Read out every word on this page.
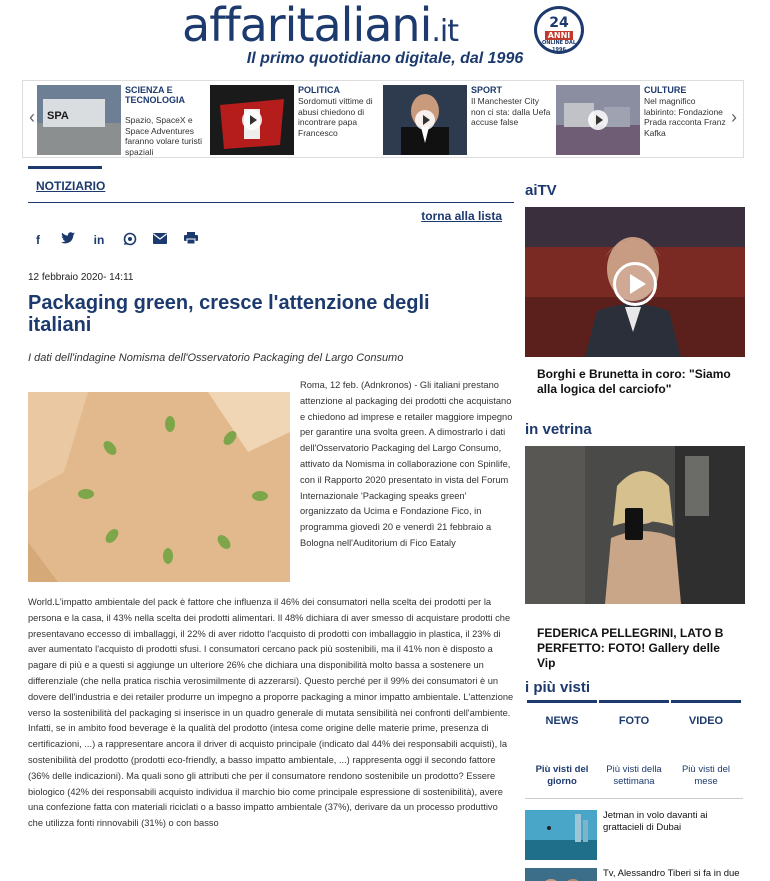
affaritaliani.it	24
ANNI
ONLINE DAL 1996
Il primo quotidiano digitale, dal 1996
‹	›
SPA
SCIENZA E TECNOLOGIA
Spazio, SpaceX e Space Adventures faranno volare turisti spaziali
POLITICA
Sordomuti vittime di abusi chiedono di incontrare papa Francesco
SPORT
Il Manchester City non ci sta: dalla Uefa accuse false
CULTURE
Nel magnifico labirinto: Fondazione Prada racconta Franz Kafka
NOTIZIARIO
torna alla lista
f	in
12 febbraio 2020- 14:11
Packaging green, cresce l'attenzione degli italiani
I dati dell'indagine Nomisma dell'Osservatorio Packaging del Largo Consumo

Roma, 12 feb. (Adnkronos) - Gli italiani prestano attenzione al packaging dei prodotti che acquistano e chiedono ad imprese e retailer maggiore impegno per garantire una svolta green. A dimostrarlo i dati dell'Osservatorio Packaging del Largo Consumo, attivato da Nomisma in collaborazione con Spinlife, con il Rapporto 2020 presentato in vista del Forum Internazionale 'Packaging speaks green' organizzato da Ucima e Fondazione Fico, in programma giovedì 20 e venerdì 21 febbraio a Bologna nell'Auditorium di Fico Eataly

World.L'impatto ambientale del pack è fattore che influenza il 46% dei consumatori nella scelta dei prodotti per la persona e la casa, il 43% nella scelta dei prodotti alimentari. Il 48% dichiara di aver smesso di acquistare prodotti che presentavano eccesso di imballaggi, il 22% di aver ridotto l'acquisto di prodotti con imballaggio in plastica, il 23% di aver aumentato l'acquisto di prodotti sfusi. I consumatori cercano pack più sostenibili, ma il 41% non è disposto a pagare di più e a questi si aggiunge un ulteriore 26% che dichiara una disponibilità molto bassa a sostenere un differenziale (che nella pratica rischia verosimilmente di azzerarsi). Questo perché per il 99% dei consumatori è un dovere dell'industria e dei retailer produrre un impegno a proporre packaging a minor impatto ambientale. L'attenzione verso la sostenibilità del packaging si inserisce in un quadro generale di mutata sensibilità nei confronti dell'ambiente. Infatti, se in ambito food beverage è la qualità del prodotto (intesa come origine delle materie prime, presenza di certificazioni, ...) a rappresentare ancora il driver di acquisto principale (indicato dal 44% dei responsabili acquisti), la sostenibilità del prodotto (prodotti eco-friendly, a basso impatto ambientale, ...) rappresenta oggi il secondo fattore (36% delle indicazioni). Ma quali sono gli attributi che per il consumatore rendono sostenibile un prodotto? Essere biologico (42% dei responsabili acquisto individua il marchio bio come principale espressione di sostenibilità), avere una confezione fatta con materiali riciclati o a basso impatto ambientale (37%), derivare da un processo produttivo che utilizza fonti rinnovabili (31%) o con basso

aiTV
Borghi e Brunetta in coro: "Siamo alla logica del carciofo"
in vetrina
FEDERICA PELLEGRINI, LATO B PERFETTO: FOTO! Gallery delle Vip
i più visti
NEWS	FOTO	VIDEO
Più visti del giorno
Più visti della settimana
Più visti del mese
Jetman in volo davanti ai grattacieli di Dubai
Tv, Alessandro Tiberi si fa in due
